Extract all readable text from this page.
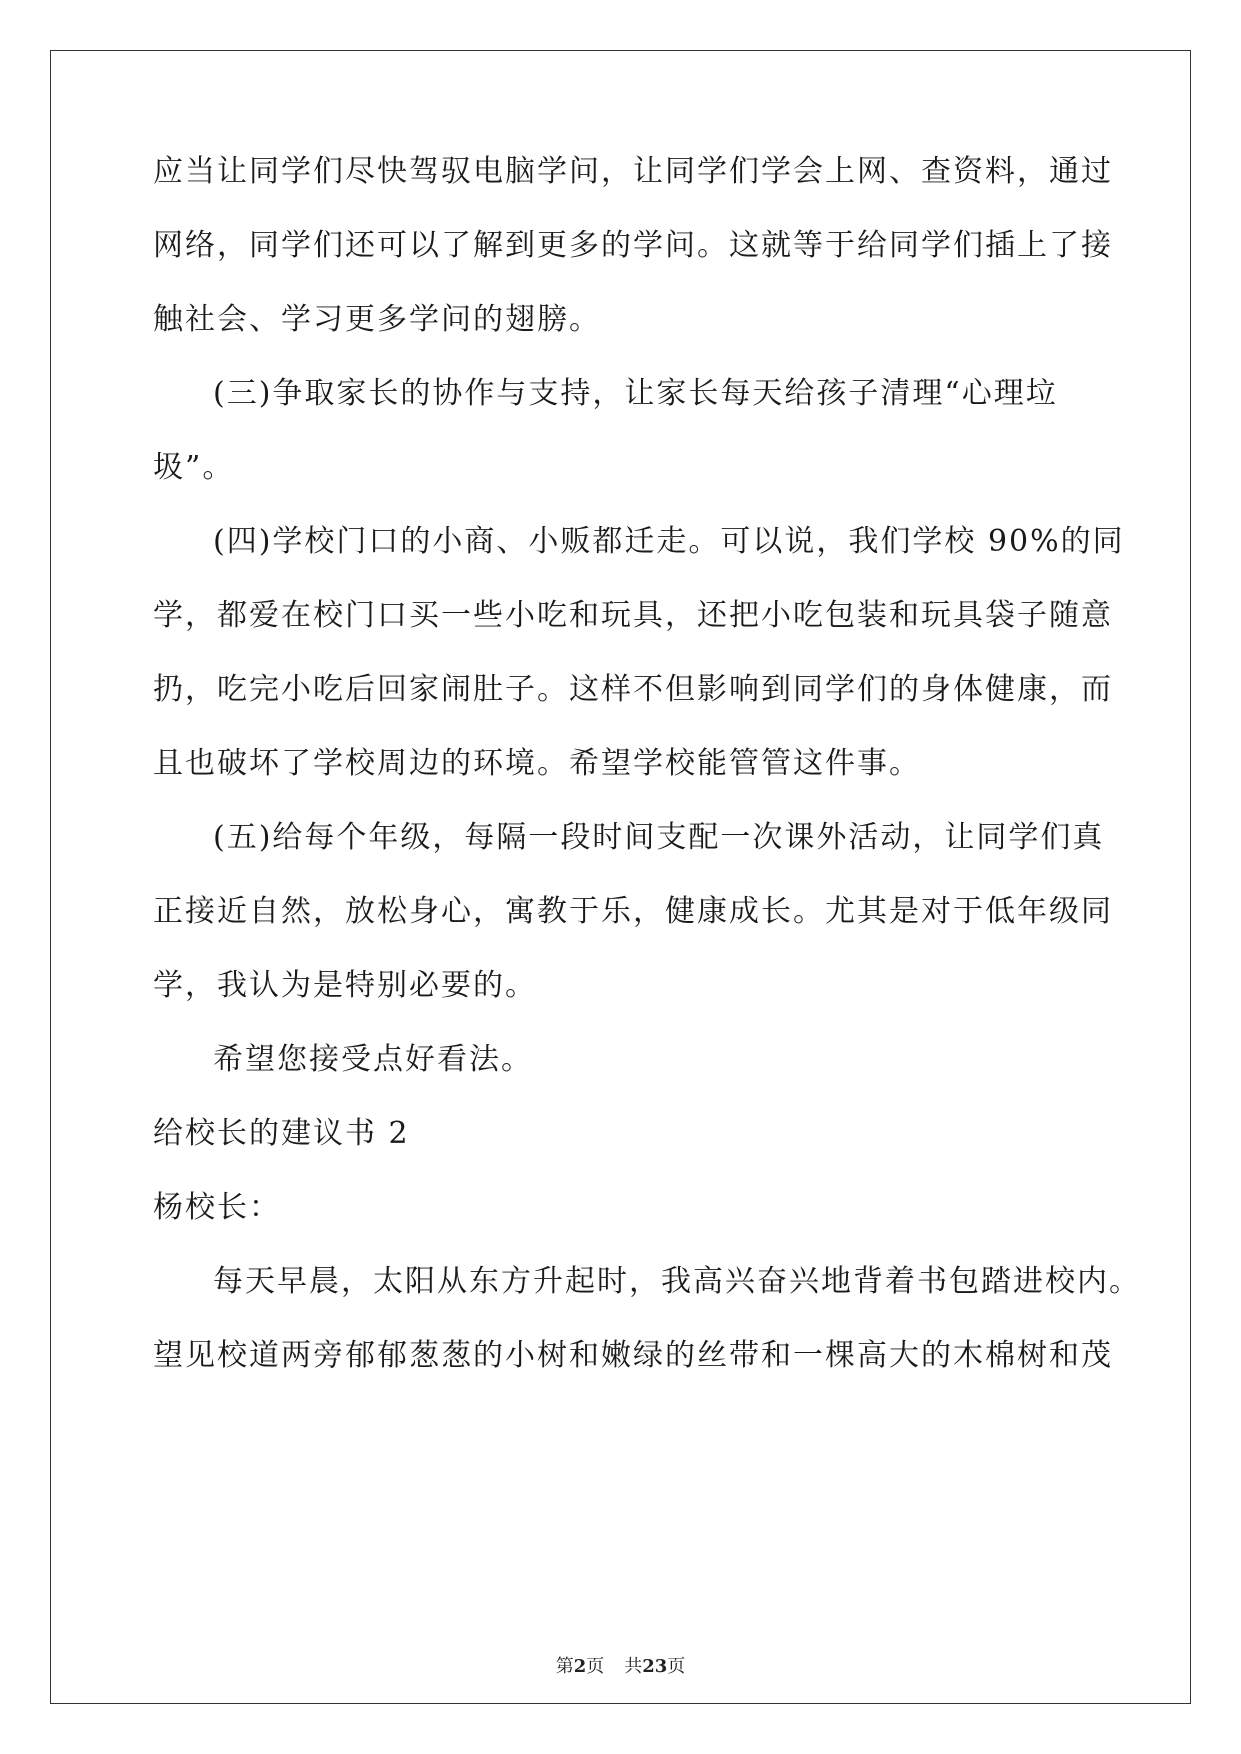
应当让同学们尽快驾驭电脑学问，让同学们学会上网、查资料，通过
网络，同学们还可以了解到更多的学问。这就等于给同学们插上了接
触社会、学习更多学问的翅膀。
(三)争取家长的协作与支持，让家长每天给孩子清理“心理垃
圾”。
(四)学校门口的小商、小贩都迁走。可以说，我们学校 90%的同
学，都爱在校门口买一些小吃和玩具，还把小吃包装和玩具袋子随意
扔，吃完小吃后回家闹肚子。这样不但影响到同学们的身体健康，而
且也破坏了学校周边的环境。希望学校能管管这件事。
(五)给每个年级，每隔一段时间支配一次课外活动，让同学们真
正接近自然，放松身心，寓教于乐，健康成长。尤其是对于低年级同
学，我认为是特别必要的。
希望您接受点好看法。
给校长的建议书 2
杨校长：
每天早晨，太阳从东方升起时，我高兴奋兴地背着书包踏进校内。
望见校道两旁郁郁葱葱的小树和嫩绿的丝带和一棵高大的木棉树和茂
第2页 共23页
